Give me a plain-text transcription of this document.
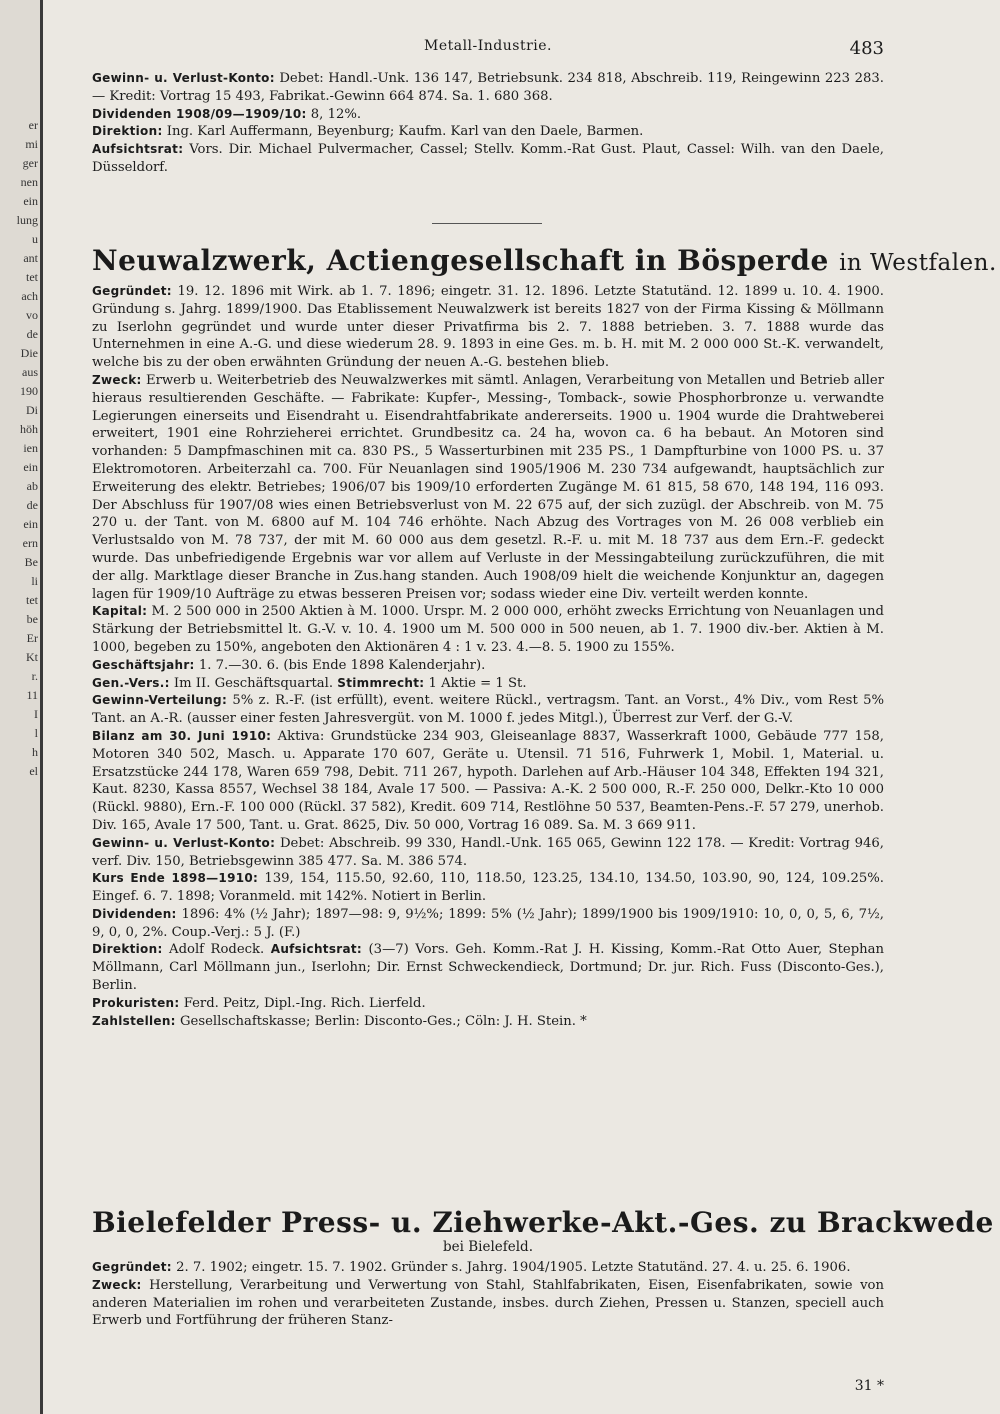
er
mi
ger
nen
ein
lung
u
ant
tet
ach
vo
de
Die
aus
190
Di
höh
ien
ein
ab
de
ein
ern
Be
li
tet
be
Er
Kt
r.
11
I
l
h
el
Metall-Industrie.	483

Gewinn- u. Verlust-Konto: Debet: Handl.-Unk. 136 147, Betriebsunk. 234 818, Abschreib. 119, Reingewinn 223 283. — Kredit: Vortrag 15 493, Fabrikat.-Gewinn 664 874. Sa. 1. 680 368.

Dividenden 1908/09—1909/10: 8, 12%.

Direktion: Ing. Karl Auffermann, Beyenburg; Kaufm. Karl van den Daele, Barmen.

Aufsichtsrat: Vors. Dir. Michael Pulvermacher, Cassel; Stellv. Komm.-Rat Gust. Plaut, Cassel: Wilh. van den Daele, Düsseldorf.

Neuwalzwerk, Actiengesellschaft in Bösperde in Westfalen.

Gegründet: 19. 12. 1896 mit Wirk. ab 1. 7. 1896; eingetr. 31. 12. 1896. Letzte Statutänd. 12. 1899 u. 10. 4. 1900. Gründung s. Jahrg. 1899/1900. Das Etablissement Neuwalzwerk ist bereits 1827 von der Firma Kissing & Möllmann zu Iserlohn gegründet und wurde unter dieser Privatfirma bis 2. 7. 1888 betrieben. 3. 7. 1888 wurde das Unternehmen in eine A.-G. und diese wiederum 28. 9. 1893 in eine Ges. m. b. H. mit M. 2 000 000 St.-K. verwandelt, welche bis zu der oben erwähnten Gründung der neuen A.-G. bestehen blieb.

Zweck: Erwerb u. Weiterbetrieb des Neuwalzwerkes mit sämtl. Anlagen, Verarbeitung von Metallen und Betrieb aller hieraus resultierenden Geschäfte. — Fabrikate: Kupfer-, Messing-, Tomback-, sowie Phosphorbronze u. verwandte Legierungen einerseits und Eisendraht u. Eisendrahtfabrikate andererseits. 1900 u. 1904 wurde die Drahtweberei erweitert, 1901 eine Rohrzieherei errichtet. Grundbesitz ca. 24 ha, wovon ca. 6 ha bebaut. An Motoren sind vorhanden: 5 Dampfmaschinen mit ca. 830 PS., 5 Wasserturbinen mit 235 PS., 1 Dampfturbine von 1000 PS. u. 37 Elektromotoren. Arbeiterzahl ca. 700. Für Neuanlagen sind 1905/1906 M. 230 734 aufgewandt, hauptsächlich zur Erweiterung des elektr. Betriebes; 1906/07 bis 1909/10 erforderten Zugänge M. 61 815, 58 670, 148 194, 116 093. Der Abschluss für 1907/08 wies einen Betriebsverlust von M. 22 675 auf, der sich zuzügl. der Abschreib. von M. 75 270 u. der Tant. von M. 6800 auf M. 104 746 erhöhte. Nach Abzug des Vortrages von M. 26 008 verblieb ein Verlustsaldo von M. 78 737, der mit M. 60 000 aus dem gesetzl. R.-F. u. mit M. 18 737 aus dem Ern.-F. gedeckt wurde. Das unbefriedigende Ergebnis war vor allem auf Verluste in der Messingabteilung zurückzuführen, die mit der allg. Marktlage dieser Branche in Zus.hang standen. Auch 1908/09 hielt die weichende Konjunktur an, dagegen lagen für 1909/10 Aufträge zu etwas besseren Preisen vor; sodass wieder eine Div. verteilt werden konnte.

Kapital: M. 2 500 000 in 2500 Aktien à M. 1000. Urspr. M. 2 000 000, erhöht zwecks Errichtung von Neuanlagen und Stärkung der Betriebsmittel lt. G.-V. v. 10. 4. 1900 um M. 500 000 in 500 neuen, ab 1. 7. 1900 div.-ber. Aktien à M. 1000, begeben zu 150%, angeboten den Aktionären 4 : 1 v. 23. 4.—8. 5. 1900 zu 155%.

Geschäftsjahr: 1. 7.—30. 6. (bis Ende 1898 Kalenderjahr).

Gen.-Vers.: Im II. Geschäftsquartal. Stimmrecht: 1 Aktie = 1 St.

Gewinn-Verteilung: 5% z. R.-F. (ist erfüllt), event. weitere Rückl., vertragsm. Tant. an Vorst., 4% Div., vom Rest 5% Tant. an A.-R. (ausser einer festen Jahresvergüt. von M. 1000 f. jedes Mitgl.), Überrest zur Verf. der G.-V.

Bilanz am 30. Juni 1910: Aktiva: Grundstücke 234 903, Gleiseanlage 8837, Wasserkraft 1000, Gebäude 777 158, Motoren 340 502, Masch. u. Apparate 170 607, Geräte u. Utensil. 71 516, Fuhrwerk 1, Mobil. 1, Material. u. Ersatzstücke 244 178, Waren 659 798, Debit. 711 267, hypoth. Darlehen auf Arb.-Häuser 104 348, Effekten 194 321, Kaut. 8230, Kassa 8557, Wechsel 38 184, Avale 17 500. — Passiva: A.-K. 2 500 000, R.-F. 250 000, Delkr.-Kto 10 000 (Rückl. 9880), Ern.-F. 100 000 (Rückl. 37 582), Kredit. 609 714, Restlöhne 50 537, Beamten-Pens.-F. 57 279, unerhob. Div. 165, Avale 17 500, Tant. u. Grat. 8625, Div. 50 000, Vortrag 16 089. Sa. M. 3 669 911.

Gewinn- u. Verlust-Konto: Debet: Abschreib. 99 330, Handl.-Unk. 165 065, Gewinn 122 178. — Kredit: Vortrag 946, verf. Div. 150, Betriebsgewinn 385 477. Sa. M. 386 574.

Kurs Ende 1898—1910: 139, 154, 115.50, 92.60, 110, 118.50, 123.25, 134.10, 134.50, 103.90, 90, 124, 109.25%. Eingef. 6. 7. 1898; Voranmeld. mit 142%. Notiert in Berlin.

Dividenden: 1896: 4% (½ Jahr); 1897—98: 9, 9½%; 1899: 5% (½ Jahr); 1899/1900 bis 1909/1910: 10, 0, 0, 5, 6, 7½, 9, 0, 0, 2%. Coup.-Verj.: 5 J. (F.)

Direktion: Adolf Rodeck. Aufsichtsrat: (3—7) Vors. Geh. Komm.-Rat J. H. Kissing, Komm.-Rat Otto Auer, Stephan Möllmann, Carl Möllmann jun., Iserlohn; Dir. Ernst Schweckendieck, Dortmund; Dr. jur. Rich. Fuss (Disconto-Ges.), Berlin.

Prokuristen: Ferd. Peitz, Dipl.-Ing. Rich. Lierfeld.

Zahlstellen: Gesellschaftskasse; Berlin: Disconto-Ges.; Cöln: J. H. Stein. *

Bielefelder Press- u. Ziehwerke-Akt.-Ges. zu Brackwede

bei Bielefeld.

Gegründet: 2. 7. 1902; eingetr. 15. 7. 1902. Gründer s. Jahrg. 1904/1905. Letzte Statutänd. 27. 4. u. 25. 6. 1906.

Zweck: Herstellung, Verarbeitung und Verwertung von Stahl, Stahlfabrikaten, Eisen, Eisenfabrikaten, sowie von anderen Materialien im rohen und verarbeiteten Zustande, insbes. durch Ziehen, Pressen u. Stanzen, speciell auch Erwerb und Fortführung der früheren Stanz-

31 *
